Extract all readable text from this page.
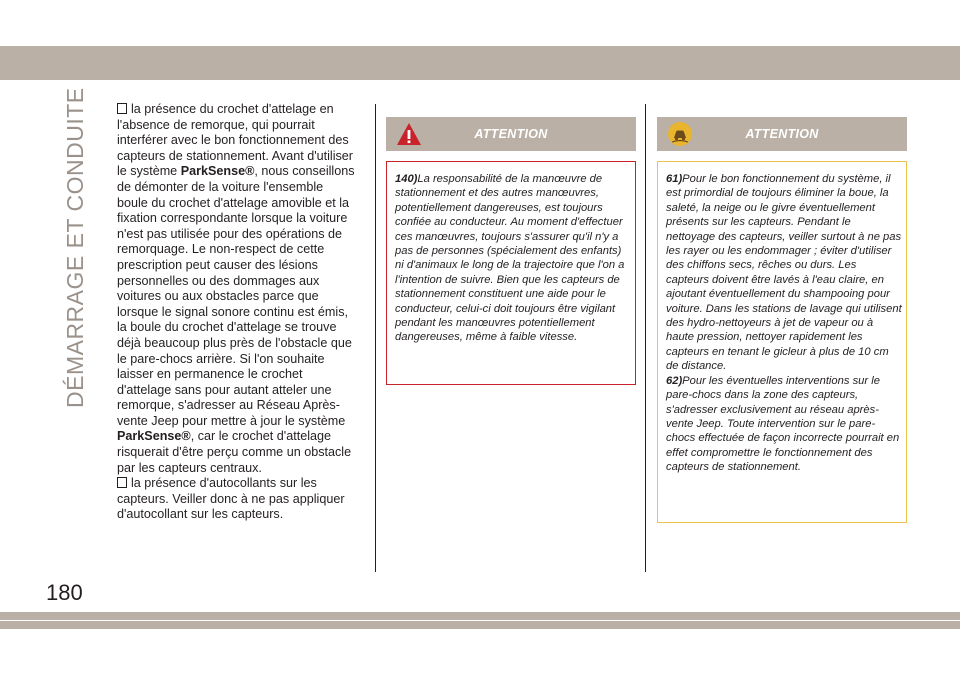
DÉMARRAGE ET CONDUITE	la présence du crochet d'attelage en l'absence de remorque, qui pourrait interférer avec le bon fonctionnement des capteurs de stationnement. Avant d'utiliser le système ParkSense®, nous conseillons de démonter de la voiture l'ensemble boule du crochet d'attelage amovible et la fixation correspondante lorsque la voiture n'est pas utilisée pour des opérations de remorquage. Le non-respect de cette prescription peut causer des lésions personnelles ou des dommages aux voitures ou aux obstacles parce que lorsque le signal sonore continu est émis, la boule du crochet d'attelage se trouve déjà beaucoup plus près de l'obstacle que le pare-chocs arrière. Si l'on souhaite laisser en permanence le crochet d'attelage sans pour autant atteler une remorque, s'adresser au Réseau Après-vente Jeep pour mettre à jour le système ParkSense®, car le crochet d'attelage risquerait d'être perçu comme un obstacle par les capteurs centraux.

la présence d'autocollants sur les capteurs. Veiller donc à ne pas appliquer d'autocollant sur les capteurs.

ATTENTION

140)La responsabilité de la manœuvre de stationnement et des autres manœuvres, potentiellement dangereuses, est toujours confiée au conducteur. Au moment d'effectuer ces manœuvres, toujours s'assurer qu'il n'y a pas de personnes (spécialement des enfants) ni d'animaux le long de la trajectoire que l'on a l'intention de suivre. Bien que les capteurs de stationnement constituent une aide pour le conducteur, celui-ci doit toujours être vigilant pendant les manœuvres potentiellement dangereuses, même à faible vitesse.

ATTENTION

61)Pour le bon fonctionnement du système, il est primordial de toujours éliminer la boue, la saleté, la neige ou le givre éventuellement présents sur les capteurs. Pendant le nettoyage des capteurs, veiller surtout à ne pas les rayer ou les endommager ; éviter d'utiliser des chiffons secs, rêches ou durs. Les capteurs doivent être lavés à l'eau claire, en ajoutant éventuellement du shampooing pour voiture. Dans les stations de lavage qui utilisent des hydro-nettoyeurs à jet de vapeur ou à haute pression, nettoyer rapidement les capteurs en tenant le gicleur à plus de 10 cm de distance.

62)Pour les éventuelles interventions sur le pare-chocs dans la zone des capteurs, s'adresser exclusivement au réseau après-vente Jeep. Toute intervention sur le pare-chocs effectuée de façon incorrecte pourrait en effet compromettre le fonctionnement des capteurs de stationnement.

180
